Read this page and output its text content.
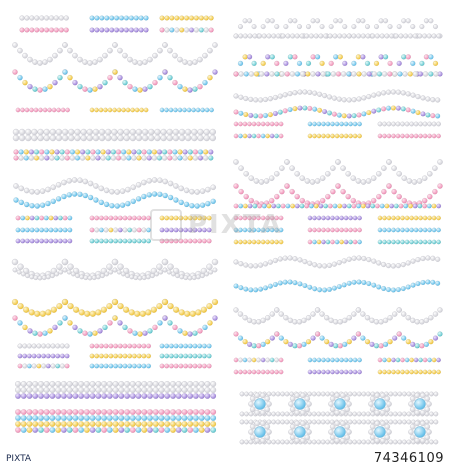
PIXTA
PIXTA	74346109
